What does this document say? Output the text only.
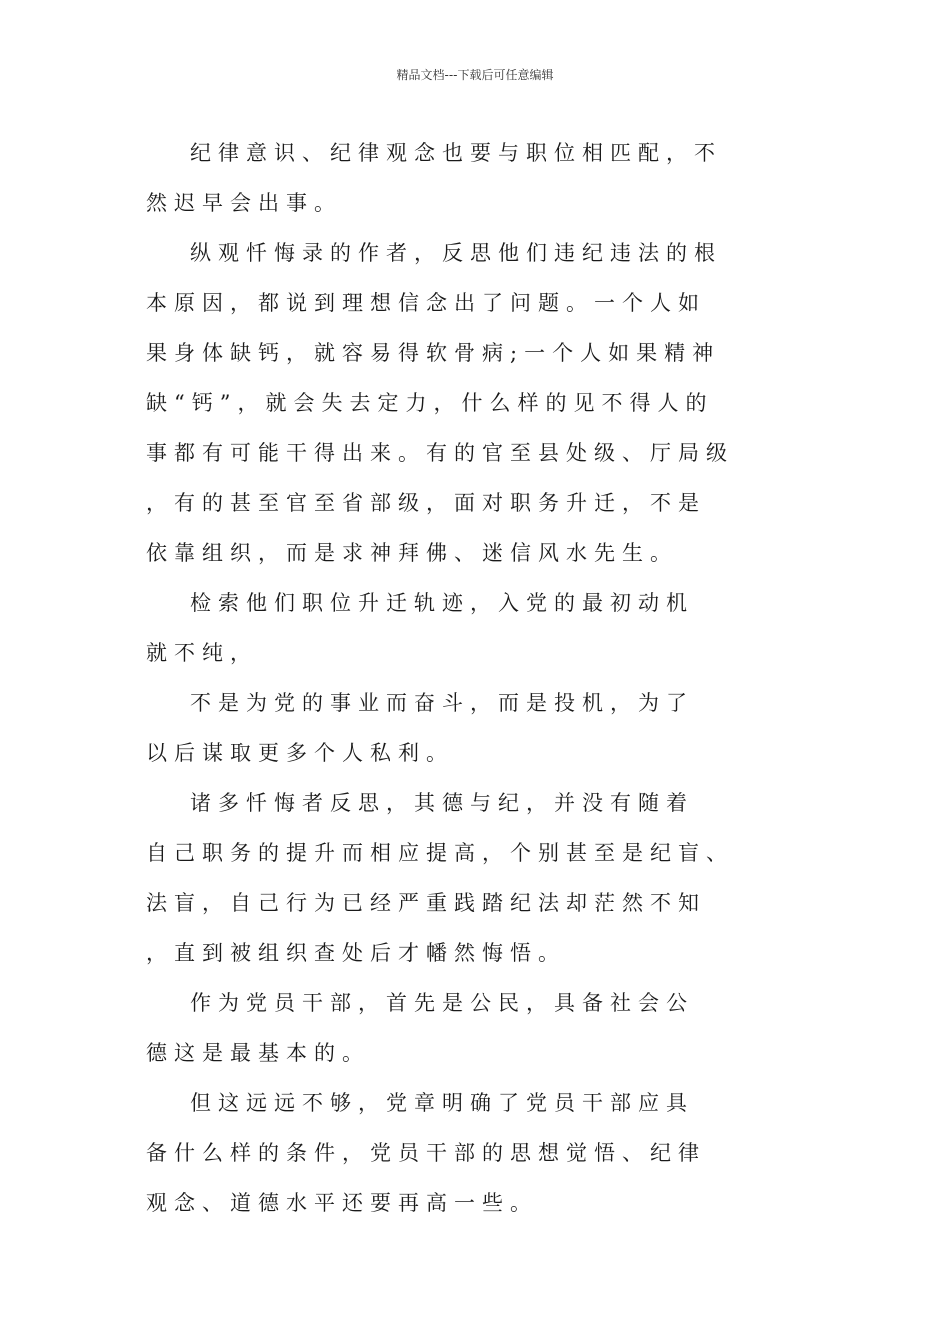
精品文档---下载后可任意编辑
纪律意识、纪律观念也要与职位相匹配，不
然迟早会出事。
纵观忏悔录的作者，反思他们违纪违法的根
本原因，都说到理想信念出了问题。一个人如
果身体缺钙，就容易得软骨病;一个人如果精神
缺“钙”，就会失去定力，什么样的见不得人的
事都有可能干得出来。有的官至县处级、厅局级
，有的甚至官至省部级，面对职务升迁，不是
依靠组织，而是求神拜佛、迷信风水先生。
检索他们职位升迁轨迹，入党的最初动机
就不纯，
不是为党的事业而奋斗，而是投机，为了
以后谋取更多个人私利。
诸多忏悔者反思，其德与纪，并没有随着
自己职务的提升而相应提高，个别甚至是纪盲、
法盲，自己行为已经严重践踏纪法却茫然不知
，直到被组织查处后才幡然悔悟。
作为党员干部，首先是公民，具备社会公
德这是最基本的。
但这远远不够，党章明确了党员干部应具
备什么样的条件，党员干部的思想觉悟、纪律
观念、道德水平还要再高一些。
